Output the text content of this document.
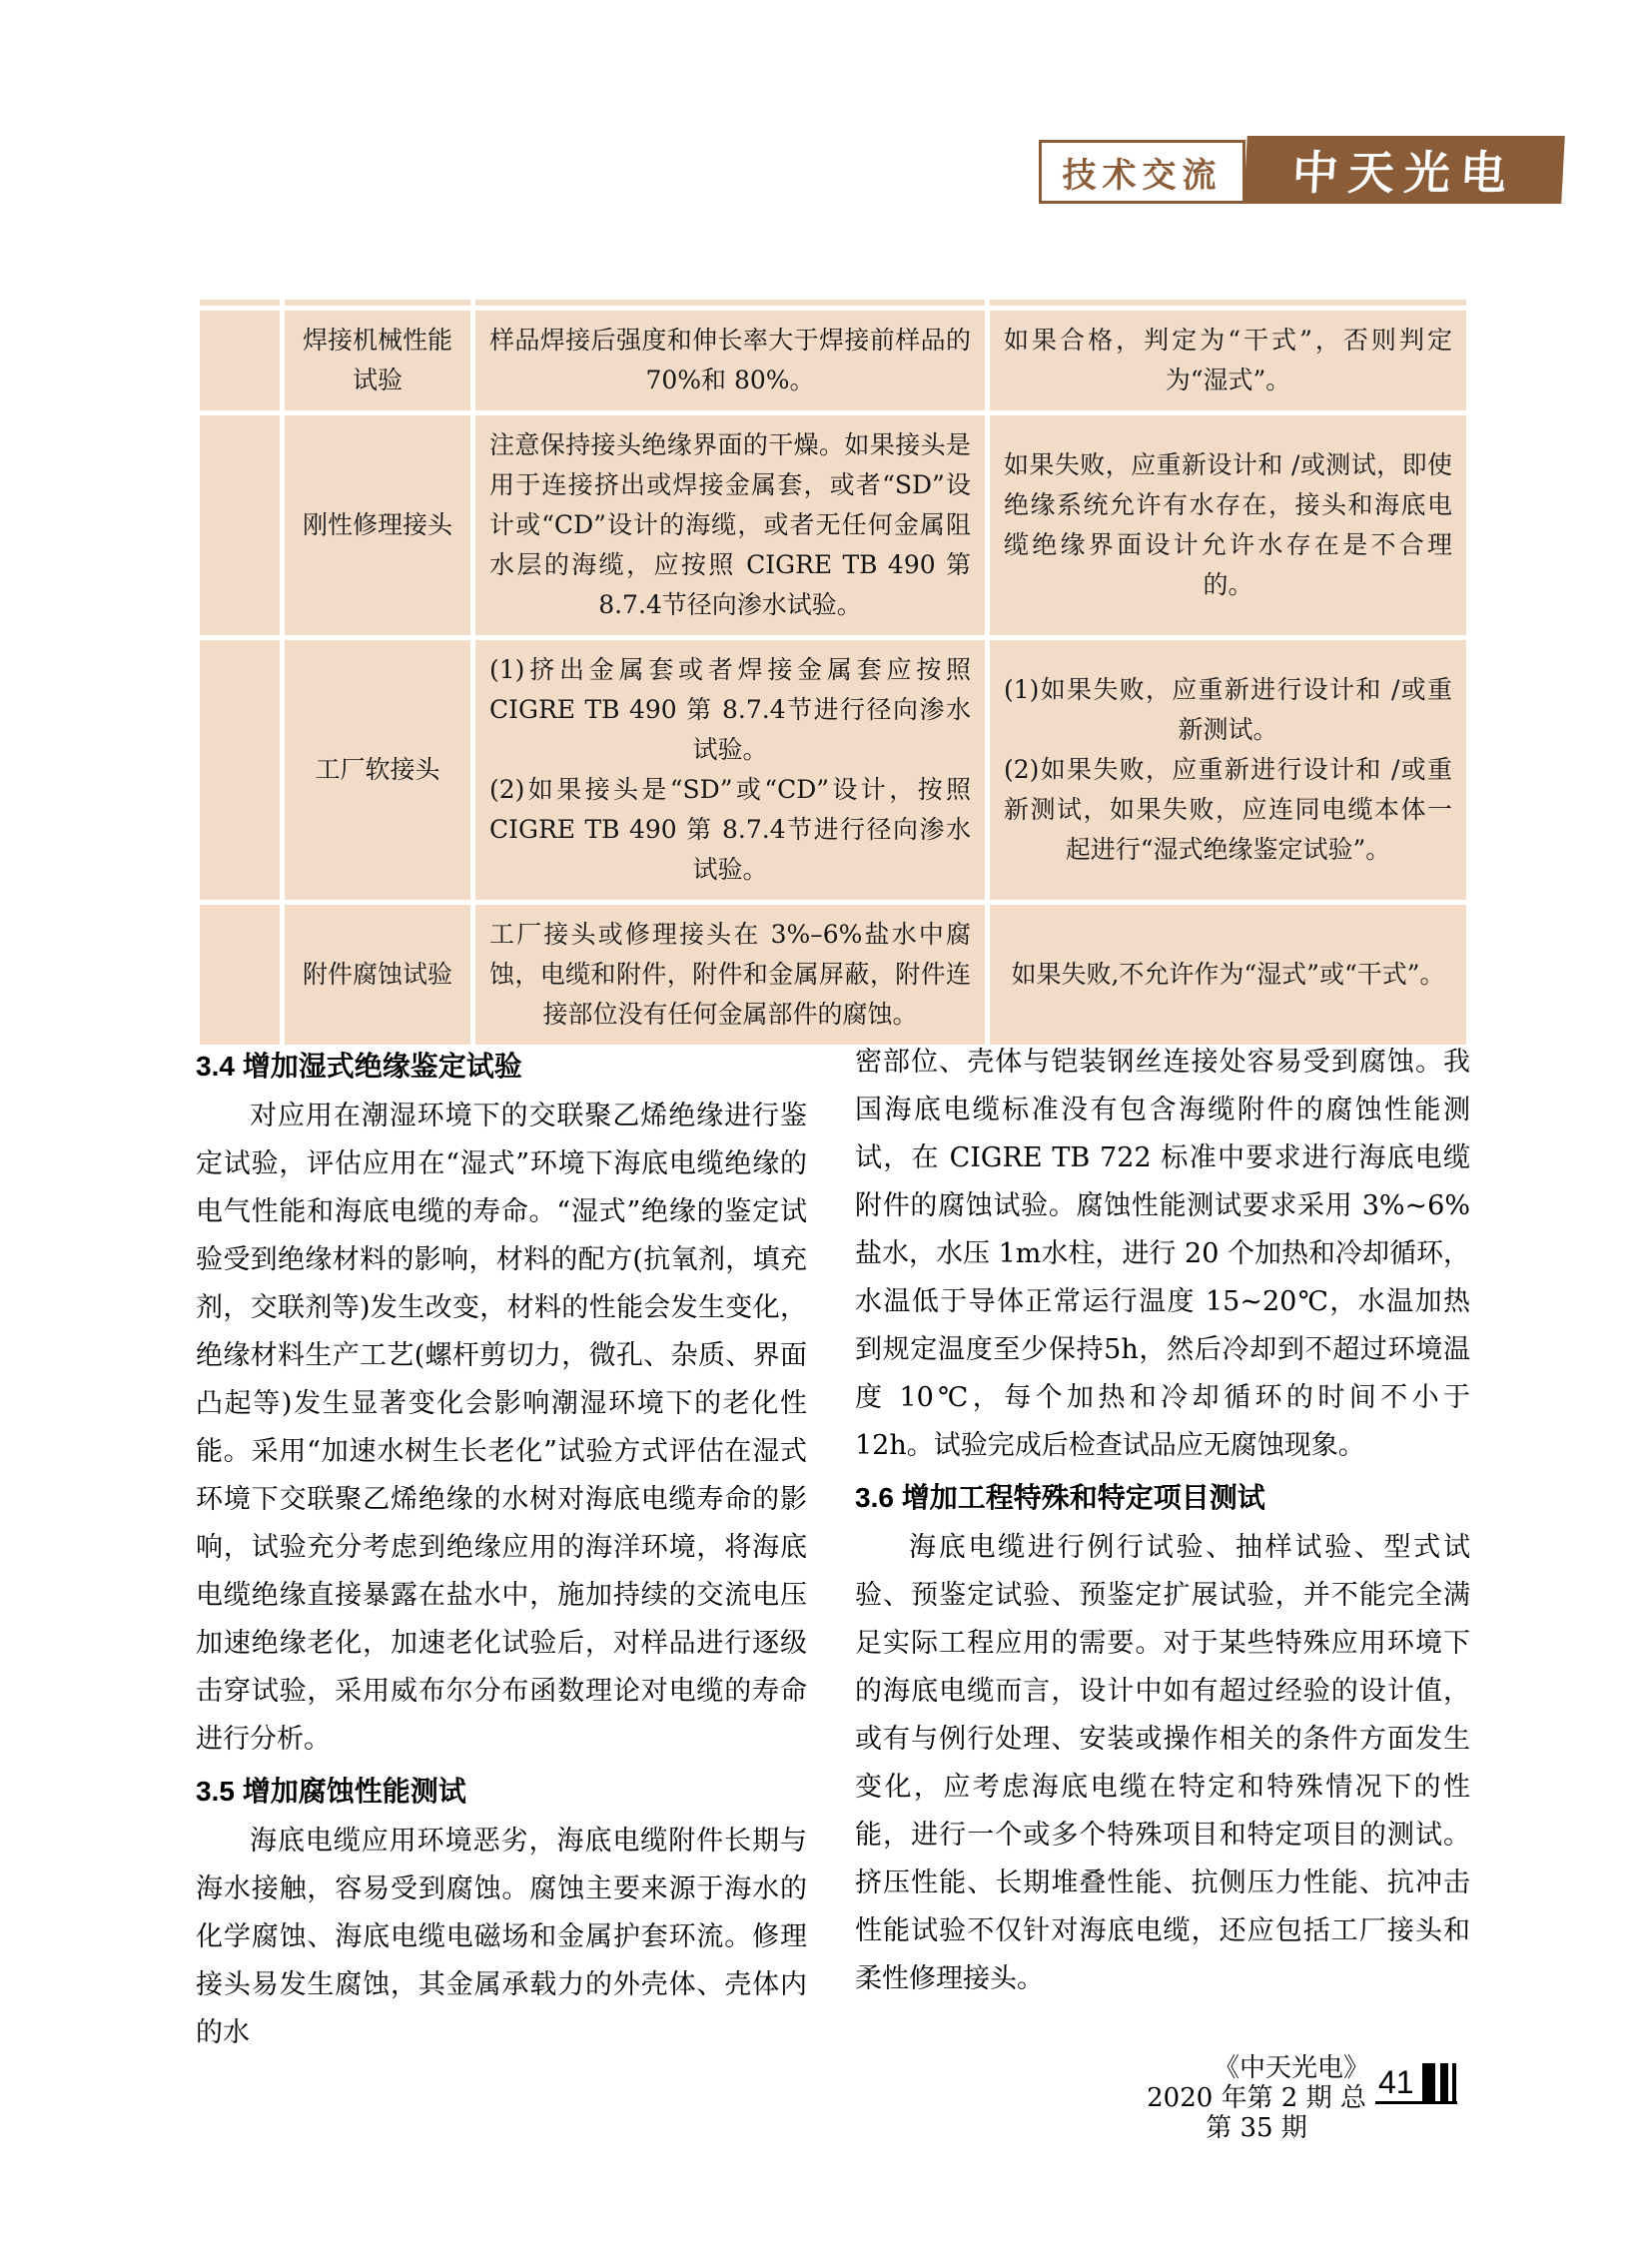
技术交流	中天光电
焊接机械性能试验
样品焊接后强度和伸长率大于焊接前样品的70%和 80%。
如果合格，判定为“干式”，否则判定为“湿式”。
刚性修理接头
注意保持接头绝缘界面的干燥。如果接头是用于连接挤出或焊接金属套，或者“SD”设计或“CD”设计的海缆，或者无任何金属阻水层的海缆，应按照 CIGRE TB 490 第 8.7.4节径向渗水试验。
如果失败，应重新设计和 /或测试，即使绝缘系统允许有水存在，接头和海底电缆绝缘界面设计允许水存在是不合理的。
工厂软接头
(1)挤出金属套或者焊接金属套应按照 CIGRE TB 490 第 8.7.4节进行径向渗水试验。
(2)如果接头是“SD”或“CD”设计，按照 CIGRE TB 490 第 8.7.4节进行径向渗水试验。
(1)如果失败，应重新进行设计和 /或重新测试。
(2)如果失败，应重新进行设计和 /或重新测试，如果失败，应连同电缆本体一起进行“湿式绝缘鉴定试验”。
附件腐蚀试验
工厂接头或修理接头在 3%–6%盐水中腐蚀，电缆和附件，附件和金属屏蔽，附件连接部位没有任何金属部件的腐蚀。
如果失败,不允许作为“湿式”或“干式”。
3.4 增加湿式绝缘鉴定试验

对应用在潮湿环境下的交联聚乙烯绝缘进行鉴定试验，评估应用在“湿式”环境下海底电缆绝缘的电气性能和海底电缆的寿命。“湿式”绝缘的鉴定试验受到绝缘材料的影响，材料的配方(抗氧剂，填充剂，交联剂等)发生改变，材料的性能会发生变化，绝缘材料生产工艺(螺杆剪切力，微孔、杂质、界面凸起等)发生显著变化会影响潮湿环境下的老化性能。采用“加速水树生长老化”试验方式评估在湿式环境下交联聚乙烯绝缘的水树对海底电缆寿命的影响，试验充分考虑到绝缘应用的海洋环境，将海底电缆绝缘直接暴露在盐水中，施加持续的交流电压加速绝缘老化，加速老化试验后，对样品进行逐级击穿试验，采用威布尔分布函数理论对电缆的寿命进行分析。

3.5 增加腐蚀性能测试

海底电缆应用环境恶劣，海底电缆附件长期与海水接触，容易受到腐蚀。腐蚀主要来源于海水的化学腐蚀、海底电缆电磁场和金属护套环流。修理接头易发生腐蚀，其金属承载力的外壳体、壳体内的水

密部位、壳体与铠装钢丝连接处容易受到腐蚀。我国海底电缆标准没有包含海缆附件的腐蚀性能测试，在 CIGRE TB 722 标准中要求进行海底电缆附件的腐蚀试验。腐蚀性能测试要求采用 3%~6% 盐水，水压 1m水柱，进行 20 个加热和冷却循环，水温低于导体正常运行温度 15~20℃，水温加热到规定温度至少保持5h，然后冷却到不超过环境温度 10℃，每个加热和冷却循环的时间不小于 12h。试验完成后检查试品应无腐蚀现象。

3.6 增加工程特殊和特定项目测试

海底电缆进行例行试验、抽样试验、型式试验、预鉴定试验、预鉴定扩展试验，并不能完全满足实际工程应用的需要。对于某些特殊应用环境下的海底电缆而言，设计中如有超过经验的设计值，或有与例行处理、安装或操作相关的条件方面发生变化，应考虑海底电缆在特定和特殊情况下的性能，进行一个或多个特殊项目和特定项目的测试。挤压性能、长期堆叠性能、抗侧压力性能、抗冲击性能试验不仅针对海底电缆，还应包括工厂接头和柔性修理接头。

《中天光电》
2020 年第 2 期 总第 35 期
41
